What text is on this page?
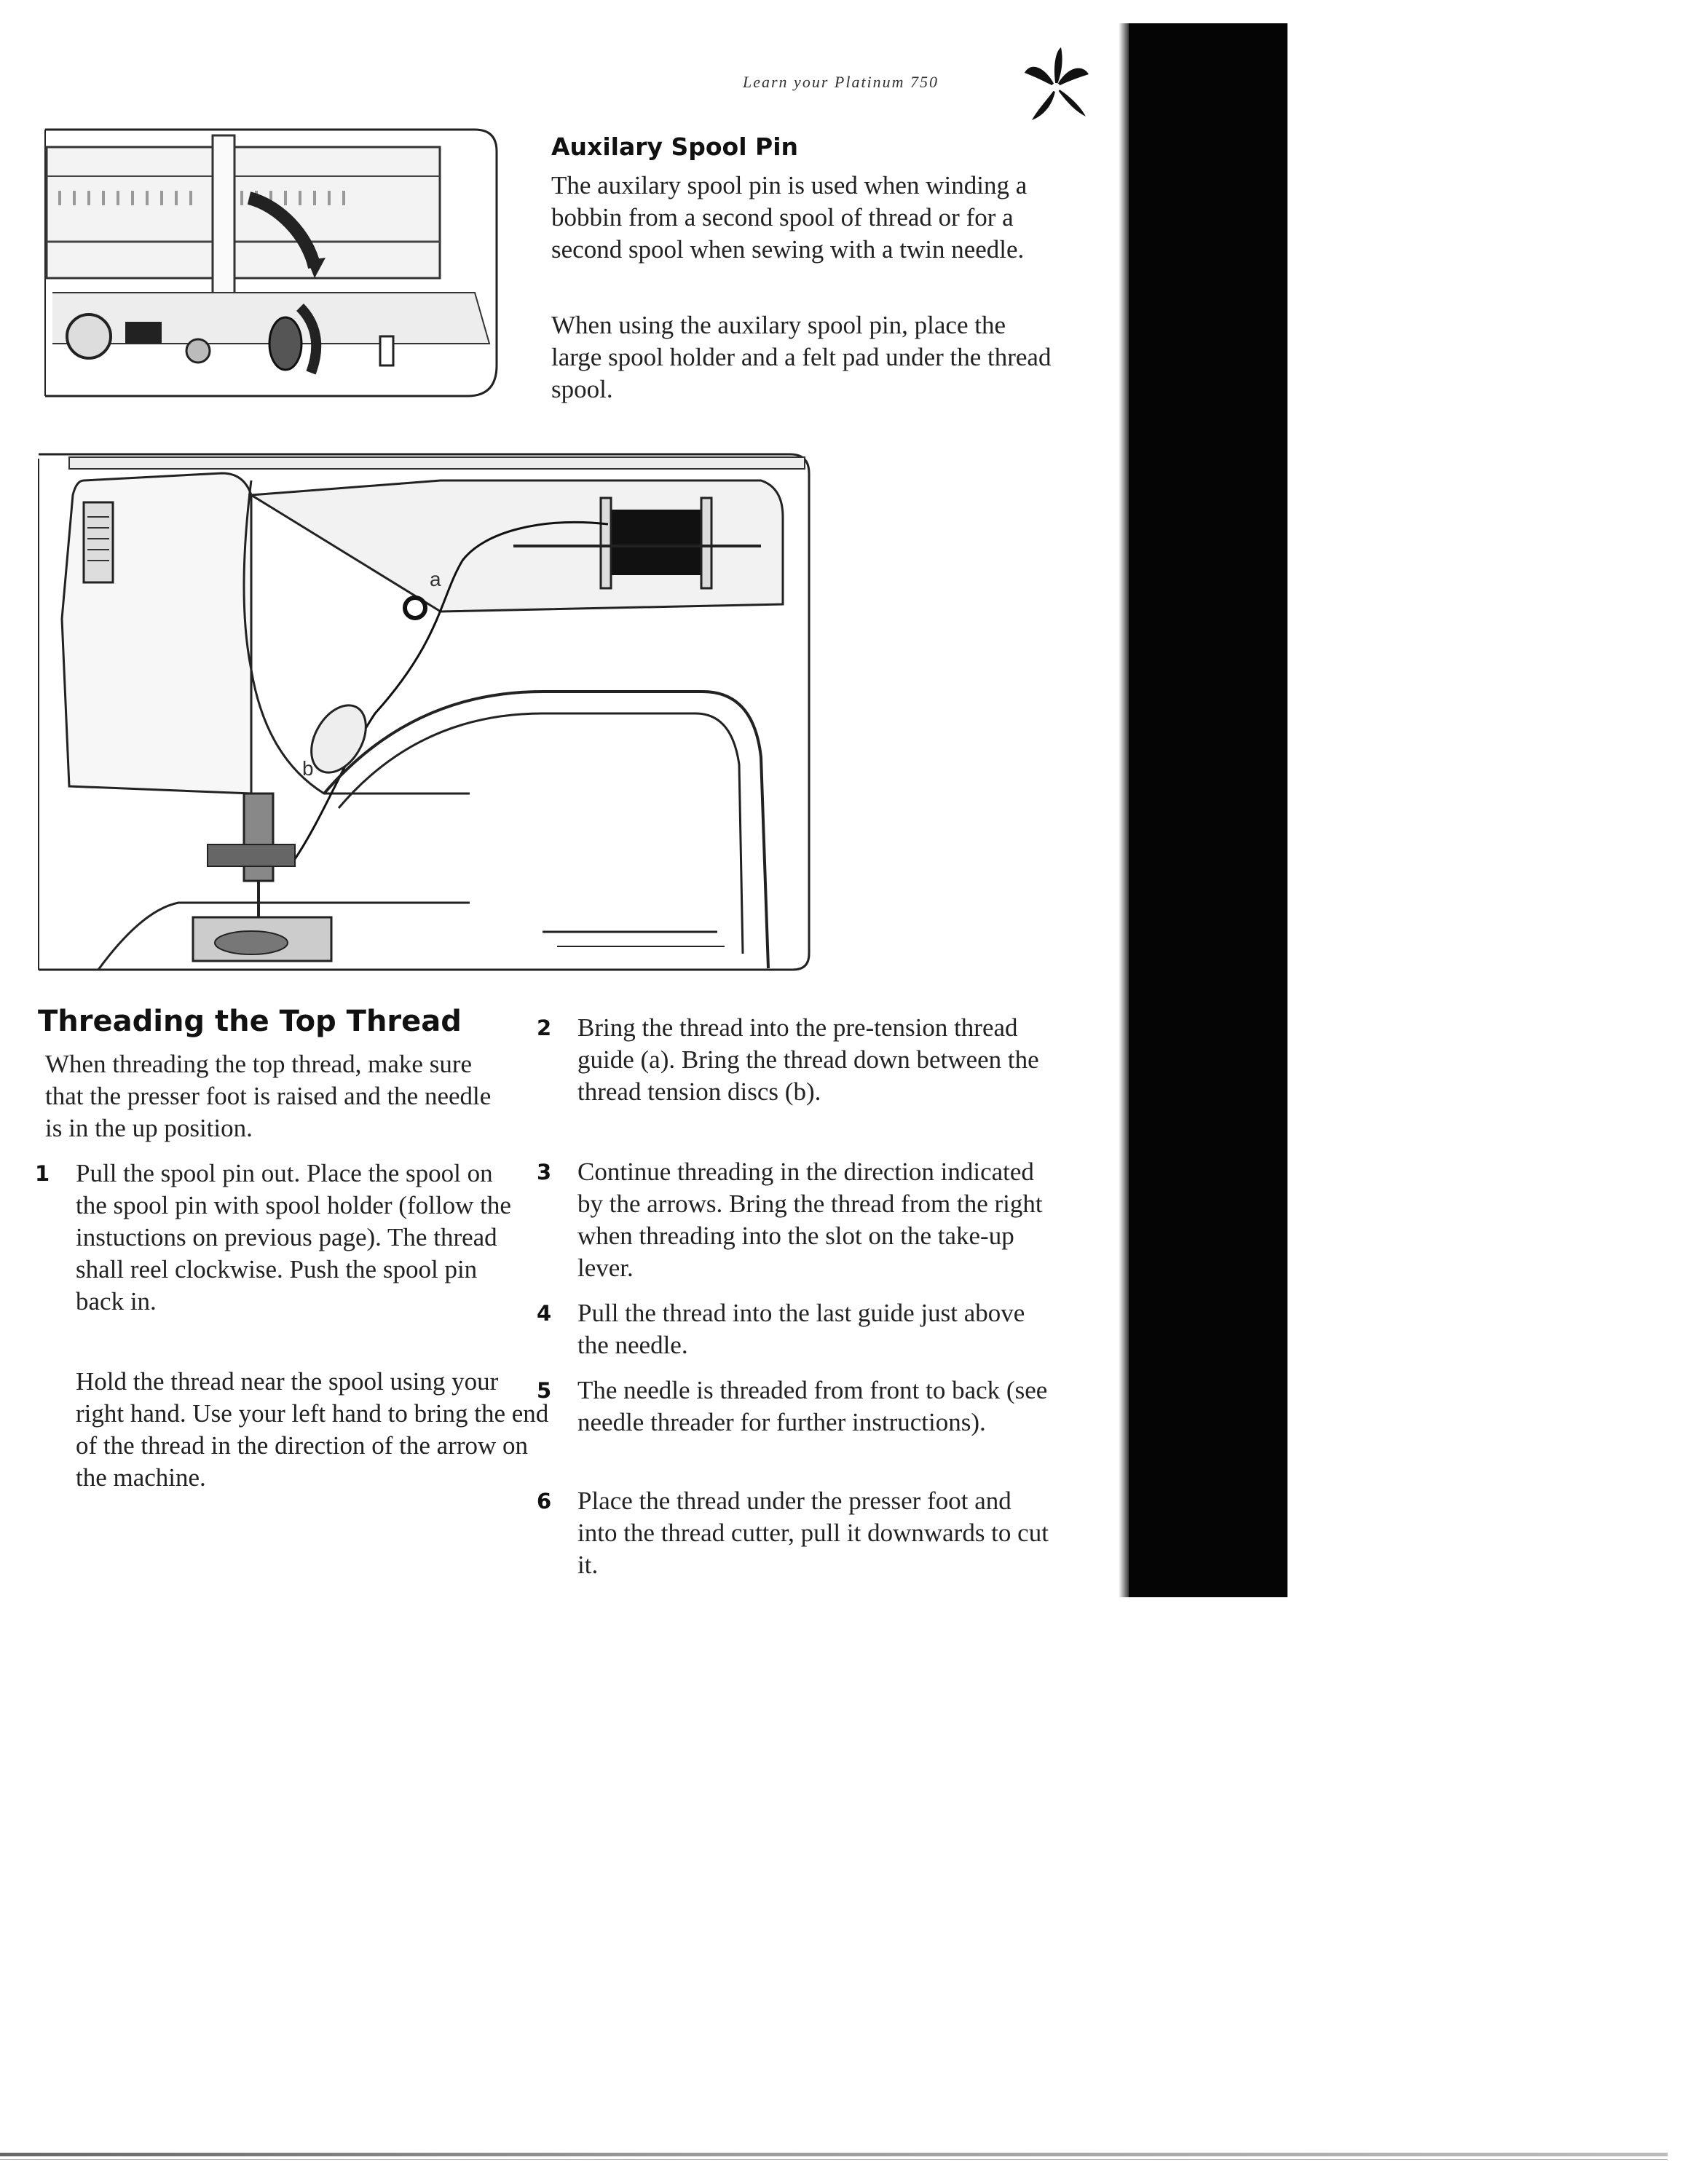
Learn your Platinum 750
Auxilary Spool Pin
The auxilary spool pin is used when winding a bobbin from a second spool of thread or for a second spool when sewing with a twin needle.
When using the auxilary spool pin, place the large spool holder and a felt pad under the thread spool.
a
b
Threading the Top Thread
When threading the top thread, make sure that the presser foot is raised and the needle is in the up position.
1 Pull the spool pin out. Place the spool on the spool pin with spool holder (follow the instuctions on previous page). The thread shall reel clockwise. Push the spool pin back in.
Hold the thread near the spool using your right hand. Use your left hand to bring the end of the thread in the direction of the arrow on the machine.
2 Bring the thread into the pre-tension thread guide (a). Bring the thread down between the thread tension discs (b).
3 Continue threading in the direction indicated by the arrows. Bring the thread from the right when threading into the slot on the take-up lever.
4 Pull the thread into the last guide just above the needle.
5 The needle is threaded from front to back (see needle threader for further instructions).
6 Place the thread under the presser foot and into the thread cutter, pull it downwards to cut it.
